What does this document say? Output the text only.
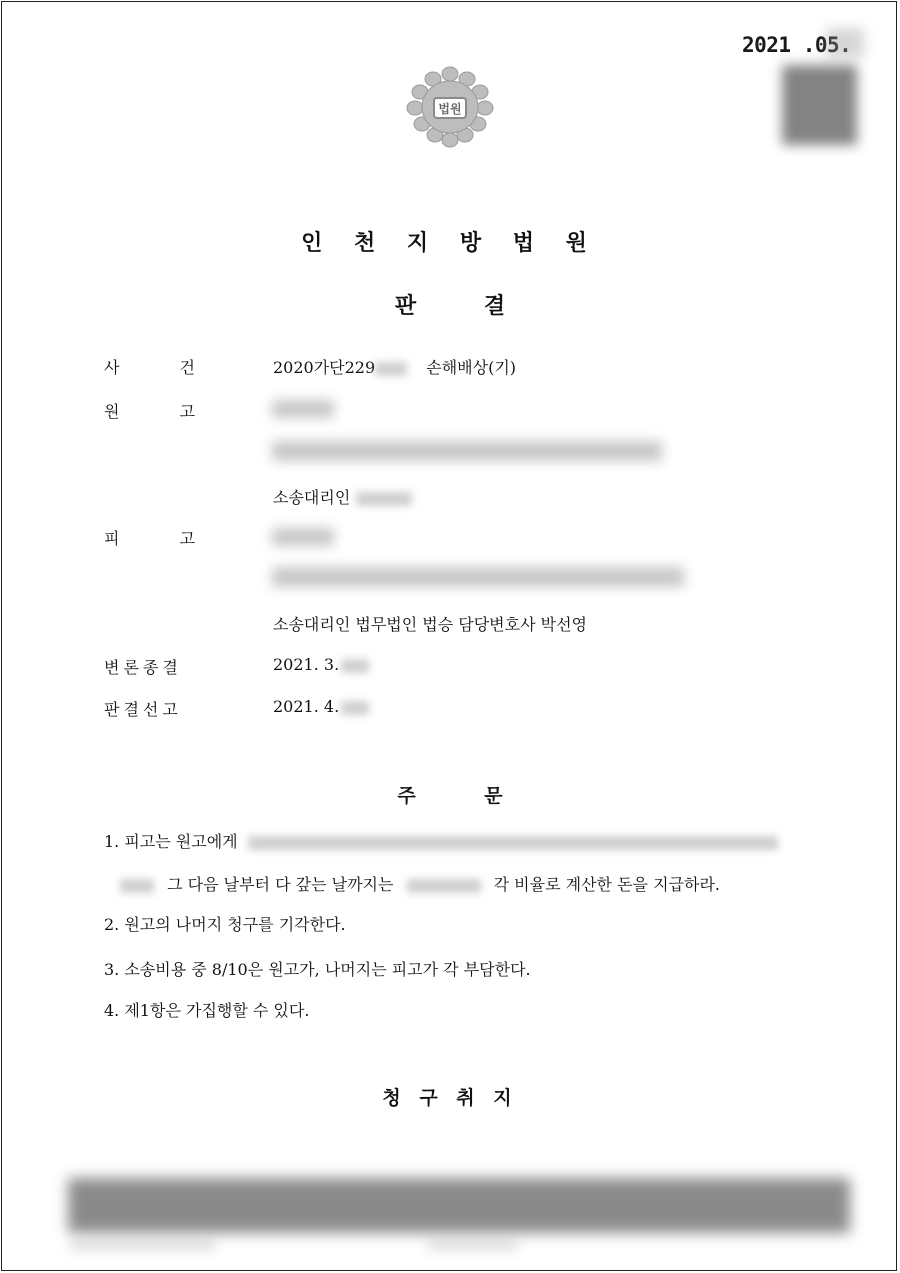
2021 .05.
법원
인 천 지 방 법 원
판 결
사 건	2020가단229	손해배상(기)
원 고
소송대리인
피 고
소송대리인 법무법인 법승 담당변호사 박선영
변론종결	2021. 3.
판결선고	2021. 4.
주 문
1. 피고는 원고에게
그 다음 날부터 다 갚는 날까지는	각 비율로 계산한 돈을 지급하라.
2. 원고의 나머지 청구를 기각한다.
3. 소송비용 중 8/10은 원고가, 나머지는 피고가 각 부담한다.
4. 제1항은 가집행할 수 있다.
청 구 취 지
